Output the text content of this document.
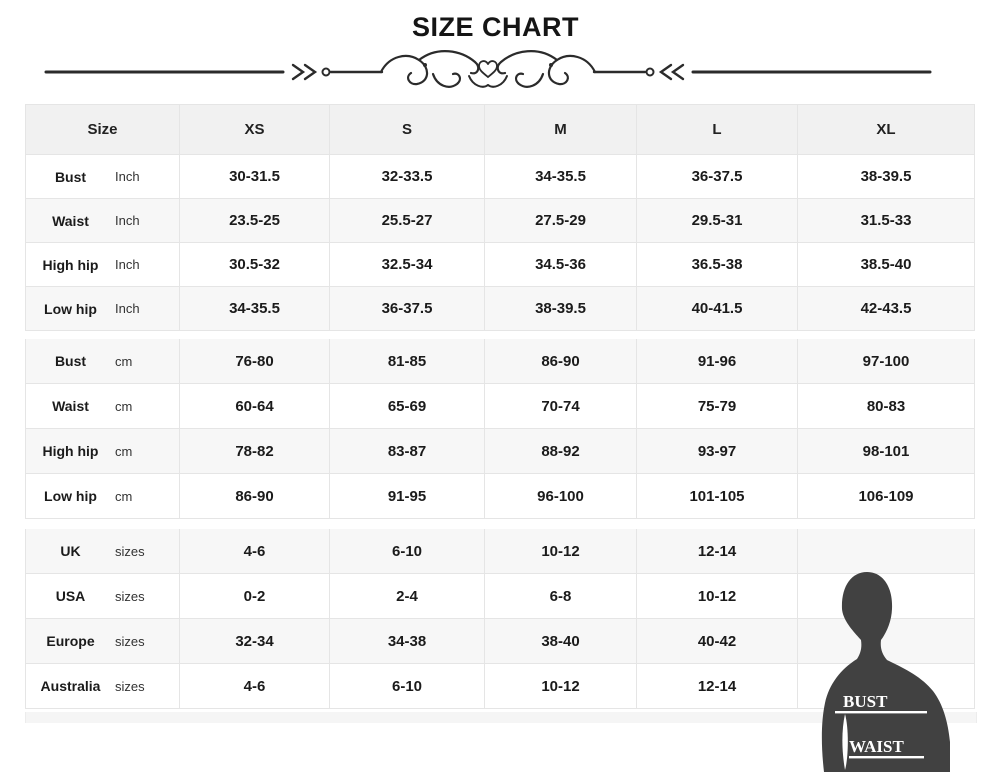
SIZE CHART
Size	XS	S	M	L	XL
Bust	Inch	30-31.5	32-33.5	34-35.5	36-37.5	38-39.5
Waist	Inch	23.5-25	25.5-27	27.5-29	29.5-31	31.5-33
High hip	Inch	30.5-32	32.5-34	34.5-36	36.5-38	38.5-40
Low hip	Inch	34-35.5	36-37.5	38-39.5	40-41.5	42-43.5
Bust	cm	76-80	81-85	86-90	91-96	97-100
Waist	cm	60-64	65-69	70-74	75-79	80-83
High hip	cm	78-82	83-87	88-92	93-97	98-101
Low hip	cm	86-90	91-95	96-100	101-105	106-109
UK	sizes	4-6	6-10	10-12	12-14
USA	sizes	0-2	2-4	6-8	10-12
Europe	sizes	32-34	34-38	38-40	40-42
Australia	sizes	4-6	6-10	10-12	12-14
BUST
WAIST
